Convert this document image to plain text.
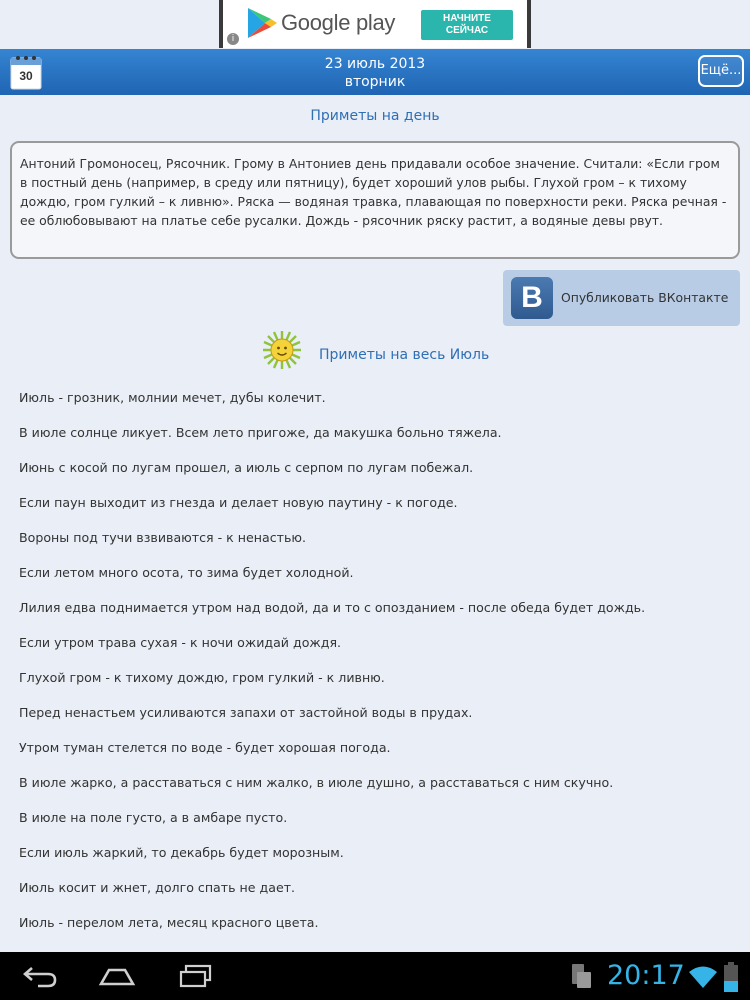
Google play	НАЧНИТЕ СЕЙЧАС
i
30
23 июль 2013
вторник
Ещё...
Приметы на день
Антоний Громоносец, Рясочник. Грому в Антониев день придавали особое значение. Считали: «Если гром в постный день (например, в среду или пятницу), будет хороший улов рыбы. Глухой гром – к тихому дождю, гром гулкий – к ливню». Ряска — водяная травка, плавающая по поверхности реки. Ряска речная - ее облюбовывают на платье себе русалки. Дождь - рясочник ряску растит, а водяные девы рвут.
B	Опубликовать ВКонтакте
Приметы на весь Июль
Июль - грозник, молнии мечет, дубы колечит.
В июле солнце ликует. Всем лето пригоже, да макушка больно тяжела.
Июнь с косой по лугам прошел, а июль с серпом по лугам побежал.
Если паун выходит из гнезда и делает новую паутину - к погоде.
Вороны под тучи взвиваются - к ненастью.
Если летом много осота, то зима будет холодной.
Лилия едва поднимается утром над водой, да и то с опозданием - после обеда будет дождь.
Если утром трава сухая - к ночи ожидай дождя.
Глухой гром - к тихому дождю, гром гулкий - к ливню.
Перед ненастьем усиливаются запахи от застойной воды в прудах.
Утром туман стелется по воде - будет хорошая погода.
В июле жарко, а расставаться с ним жалко, в июле душно, а расставаться с ним скучно.
В июле на поле густо, а в амбаре пусто.
Если июль жаркий, то декабрь будет морозным.
Июль косит и жнет, долго спать не дает.
Июль - перелом лета, месяц красного цвета.
20:17
